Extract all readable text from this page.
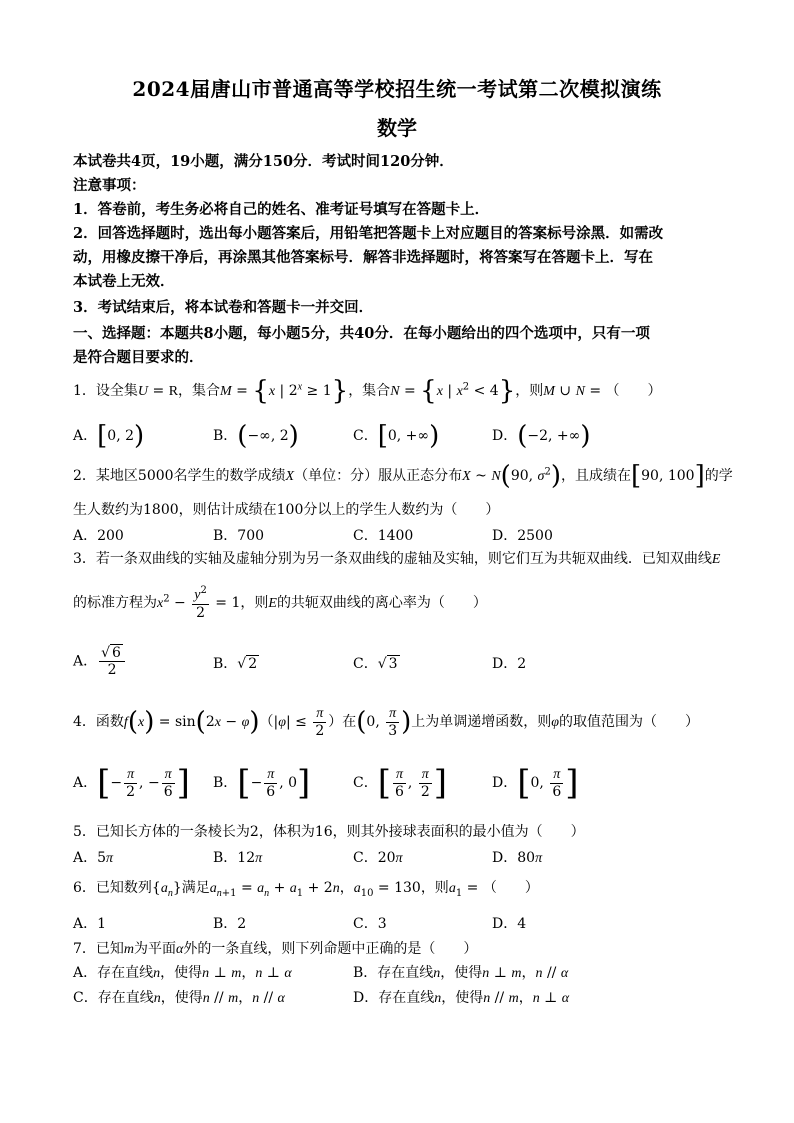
2024届唐山市普通高等学校招生统一考试第二次模拟演练
数学
本试卷共4页，19小题，满分150分．考试时间120分钟．
注意事项：
1．答卷前，考生务必将自己的姓名、准考证号填写在答题卡上．
2．回答选择题时，选出每小题答案后，用铅笔把答题卡上对应题目的答案标号涂黑．如需改
动，用橡皮擦干净后，再涂黑其他答案标号．解答非选择题时，将答案写在答题卡上．写在
本试卷上无效．
3．考试结束后，将本试卷和答题卡一并交回．
一、选择题：本题共8小题，每小题5分，共40分．在每小题给出的四个选项中，只有一项
是符合题目要求的．
1．设全集U = R，集合M = {x | $2^x \ge 1$}，集合N = {x | $x^2 < 4$}，则M ∪ N = （　　）
A．[0, 2)	B．(−∞, 2)	C．[0, +∞)	D．(−2, +∞)
2．某地区5000名学生的数学成绩X（单位：分）服从正态分布X ~ N(90, $\sigma^2$)，且成绩在[90, 100]的学
生人数约为1800，则估计成绩在100分以上的学生人数约为（　　）
A．200	B．700	C．1400	D．2500
3．若一条双曲线的实轴及虚轴分别为另一条双曲线的虚轴及实轴，则它们互为共轭双曲线．已知双曲线E
的标准方程为$x^2 - \frac{y^2}{2} = 1$，则E的共轭双曲线的离心率为（　　）
A． $\frac{√ 6}{2}$	B．√ 2	C．√ 3	D．2
4．函数$f(x) = \sin(2x - \varphi)(|\varphi| \le \frac{\pi}{2}$ ）在(0, $\frac{\pi}{3}$ )上为单调递增函数，则φ的取值范围为（　　）
A．[− $\frac{\pi}{2}$ , − $\frac{\pi}{6}$ ] B．[− $\frac{\pi}{6}$ , 0]	C．[ $\frac{\pi}{6}$ , $\frac{\pi}{2}$ ]	D．[0, $\frac{\pi}{6}$ ]
5．已知长方体的一条棱长为2，体积为16，则其外接球表面积的最小值为（　　）
A．5π	B．12π	C．20π	D．80π
6．已知数列$\{a_n\}$满足$a_{n+1} = a_n + a_1 + 2n$，$a_{10} = 130$，则$a_1$ = （　　）
A．1	B．2	C．3	D．4
7．已知m为平面α外的一条直线，则下列命题中正确的是（　　）
A．存在直线n，使得n ⊥ m，n ⊥ α	B．存在直线n，使得n ⊥ m，n // α
C．存在直线n，使得n // m，n // α	D．存在直线n，使得n // m，n ⊥ α
